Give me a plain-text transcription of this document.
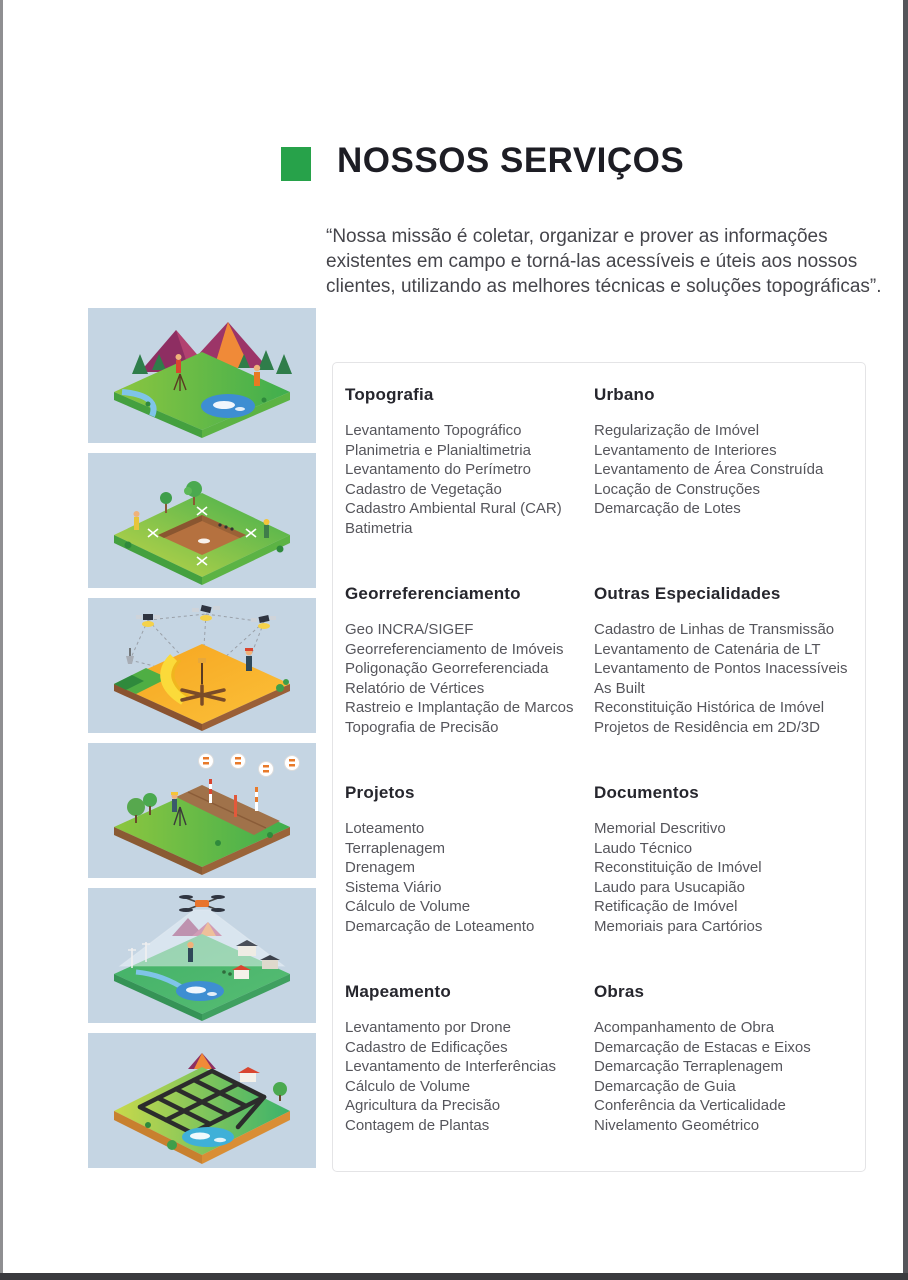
NOSSOS SERVIÇOS

“Nossa missão é coletar, organizar e prover as informações existentes em campo e torná-las acessíveis e úteis aos nossos clientes, utilizando as melhores técnicas e soluções topográficas”.

Topografia
Levantamento Topográfico
Planimetria e Planialtimetria
Levantamento do Perímetro
Cadastro de Vegetação
Cadastro Ambiental Rural (CAR)
Batimetria
Urbano
Regularização de Imóvel
Levantamento de Interiores
Levantamento de Área Construída
Locação de Construções
Demarcação de Lotes
Georreferenciamento
Geo INCRA/SIGEF
Georreferenciamento de Imóveis
Poligonação Georreferenciada
Relatório de Vértices
Rastreio e Implantação de Marcos
Topografia de Precisão
Outras Especialidades
Cadastro de Linhas de Transmissão
Levantamento de Catenária de LT
Levantamento de Pontos Inacessíveis
As Built
Reconstituição Histórica de Imóvel
Projetos de Residência em 2D/3D
Projetos
Loteamento
Terraplenagem
Drenagem
Sistema Viário
Cálculo de Volume
Demarcação de Loteamento
Documentos
Memorial Descritivo
Laudo Técnico
Reconstituição de Imóvel
Laudo para Usucapião
Retificação de Imóvel
Memoriais para Cartórios
Mapeamento
Levantamento por Drone
Cadastro de Edificações
Levantamento de Interferências
Cálculo de Volume
Agricultura da Precisão
Contagem de Plantas
Obras
Acompanhamento de Obra
Demarcação de Estacas e Eixos
Demarcação Terraplenagem
Demarcação de Guia
Conferência da Verticalidade
Nivelamento Geométrico
